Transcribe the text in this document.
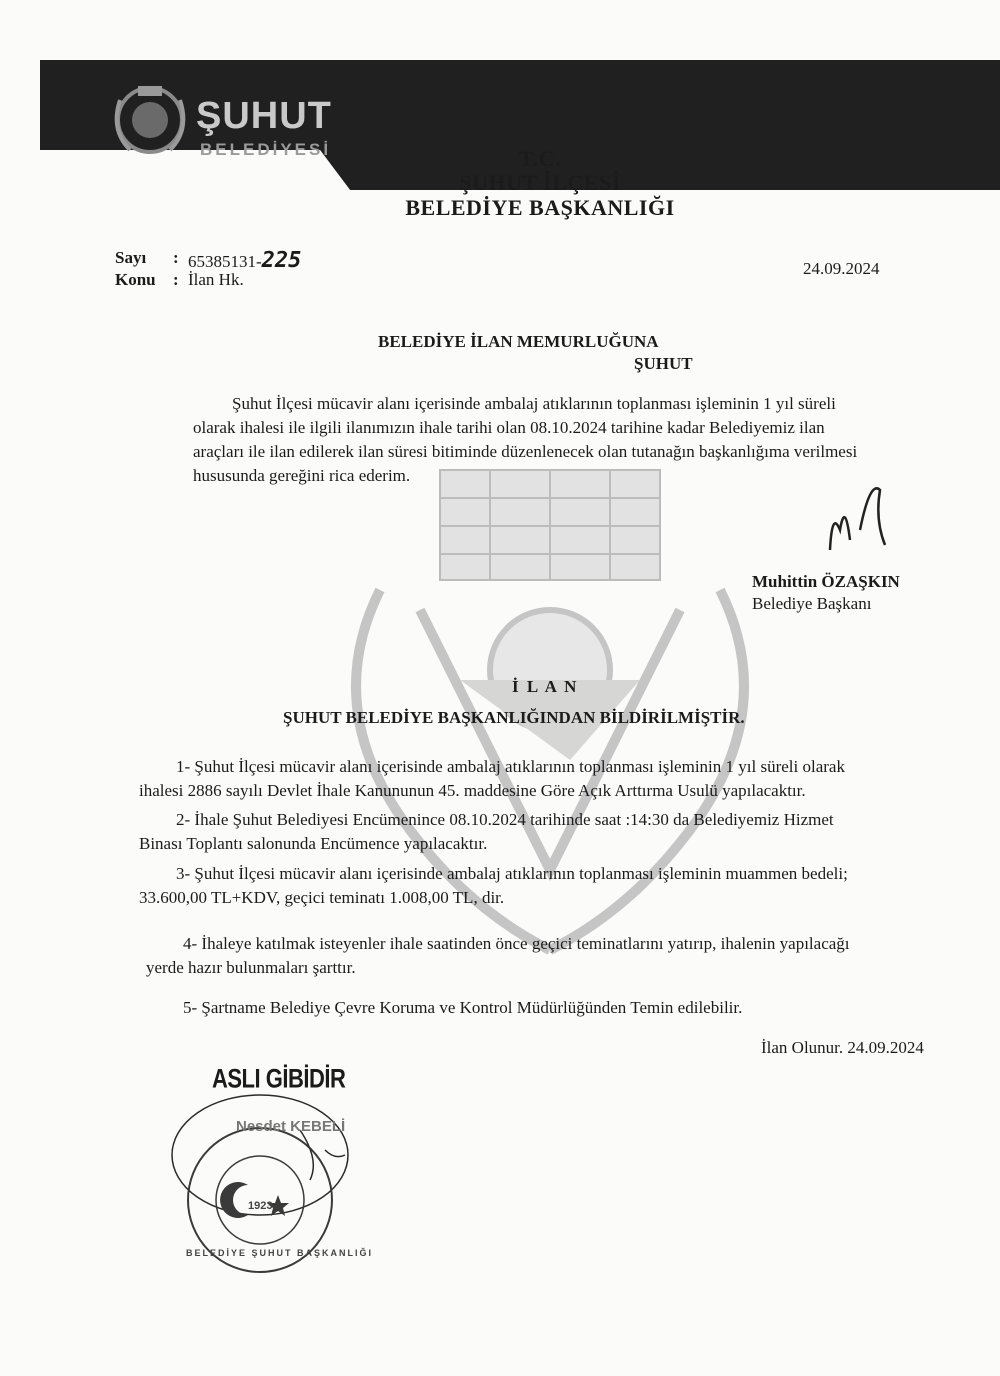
ŞUHUT
BELEDİYESİ	T.C.
ŞUHUT İLÇESİ
BELEDİYE BAŞKANLIĞI
Sayı : 65385131-225
Konu : İlan Hk.
24.09.2024
BELEDİYE İLAN MEMURLUĞUNA
ŞUHUT
Şuhut İlçesi mücavir alanı içerisinde ambalaj atıklarının toplanması işleminin 1 yıl süreli
olarak ihalesi ile ilgili ilanımızın ihale tarihi olan 08.10.2024 tarihine kadar Belediyemiz ilan
araçları ile ilan edilerek ilan süresi bitiminde düzenlenecek olan tutanağın başkanlığıma verilmesi
hususunda gereğini rica ederim.
Muhittin ÖZAŞKIN
Belediye Başkanı
İ L A N
ŞUHUT BELEDİYE BAŞKANLIĞINDAN BİLDİRİLMİŞTİR.
1- Şuhut İlçesi mücavir alanı içerisinde ambalaj atıklarının toplanması işleminin 1 yıl süreli olarak
ihalesi 2886 sayılı Devlet İhale Kanununun 45. maddesine Göre Açık Arttırma Usulü yapılacaktır.
2- İhale Şuhut Belediyesi Encümenince 08.10.2024 tarihinde saat :14:30 da Belediyemiz Hizmet
Binası Toplantı salonunda Encümence yapılacaktır.
3- Şuhut İlçesi mücavir alanı içerisinde ambalaj atıklarının toplanması işleminin muammen bedeli;
33.600,00 TL+KDV, geçici teminatı 1.008,00 TL, dir.
4- İhaleye katılmak isteyenler ihale saatinden önce geçici teminatlarını yatırıp, ihalenin yapılacağı
yerde hazır bulunmaları şarttır.
5- Şartname Belediye Çevre Koruma ve Kontrol Müdürlüğünden Temin edilebilir.
İlan Olunur. 24.09.2024
ASLI GİBİDİR
Nesdet KEBELİ
BELEDİYE ŞUHUT BAŞKANLIĞI
1923
